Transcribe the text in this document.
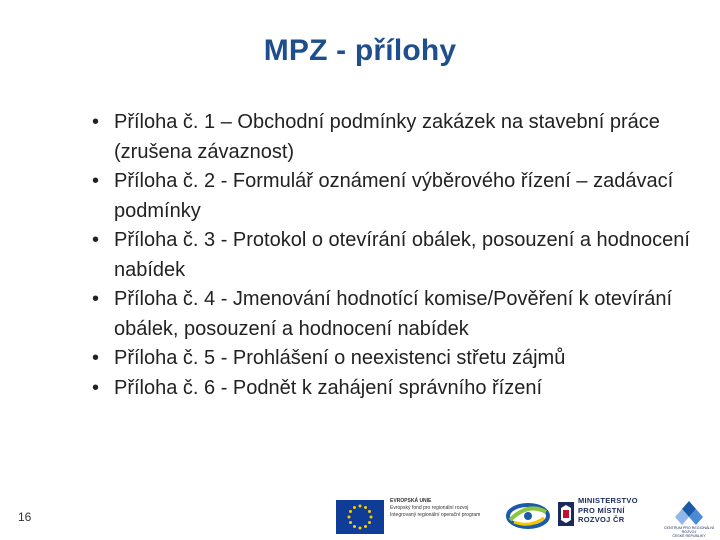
MPZ - přílohy
• Příloha č. 1 – Obchodní podmínky zakázek na stavební práce (zrušena závaznost)
• Příloha č. 2 - Formulář oznámení výběrového řízení – zadávací podmínky
• Příloha č. 3 - Protokol o otevírání obálek, posouzení a hodnocení nabídek
• Příloha č. 4 - Jmenování hodnotící komise/Pověření k otevírání obálek, posouzení a hodnocení nabídek
• Příloha č. 5 - Prohlášení o neexistenci střetu zájmů
• Příloha č. 6 - Podnět k zahájení správního řízení
16
EVROPSKÁ UNIE
Evropský fond pro regionální rozvoj
Integrovaný regionální operační program
MINISTERSTVO
PRO MÍSTNÍ
ROZVOJ ČR
CENTRUM PRO REGIONÁLNÍ ROZVOJ
ČESKÉ REPUBLIKY
